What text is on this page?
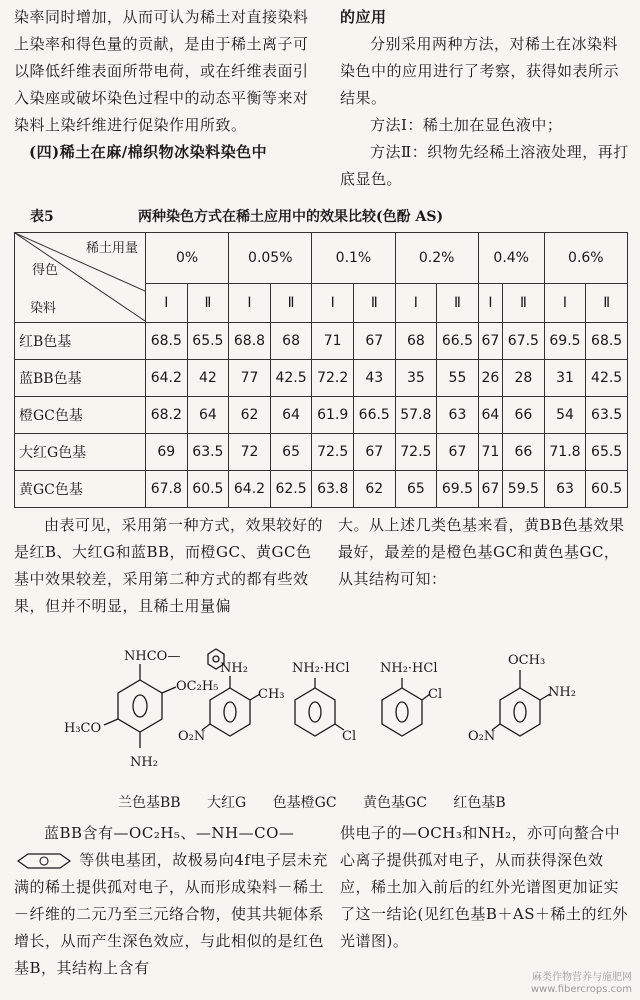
染率同时增加，从而可认为稀土对直接染料上染率和得色量的贡献，是由于稀土离子可以降低纤维表面所带电荷，或在纤维表面引入染座或破坏染色过程中的动态平衡等来对染料上染纤维进行促染作用所致。

(四)稀土在麻/棉织物冰染料染色中

的应用

分别采用两种方法，对稀土在冰染料染色中的应用进行了考察，获得如表所示结果。

方法Ⅰ：稀土加在显色液中；

方法Ⅱ：织物先经稀土溶液处理，再打底显色。

表5	两种染色方式在稀土应用中的效果比较(色酚 AS)
稀土用量
得色
染料	0%		0.05%		0.1%		0.2%		0.4%		0.6%	
	Ⅰ	Ⅱ	Ⅰ	Ⅱ	Ⅰ	Ⅱ	Ⅰ	Ⅱ	Ⅰ	Ⅱ	Ⅰ	Ⅱ
红B色基	68.5	65.5	68.8	68	71	67	68	66.5	67	67.5	69.5	68.5
蓝BB色基	64.2	42	77	42.5	72.2	43	35	55	26	28	31	42.5
橙GC色基	68.2	64	62	64	61.9	66.5	57.8	63	64	66	54	63.5
大红G色基	69	63.5	72	65	72.5	67	72.5	67	71	66	71.8	65.5
黄GC色基	67.8	60.5	64.2	62.5	63.8	62	65	69.5	67	59.5	63	60.5

由表可见，采用第一种方式，效果较好的是红B、大红G和蓝BB，而橙GC、黄GC色基中效果较差，采用第二种方式的都有些效果，但并不明显，且稀土用量偏

大。从上述几类色基来看，黄BB色基效果最好，最差的是橙色基GC和黄色基GC，从其结构可知：

NHCO—
OC₂H₅
H₃CO
NH₂
NH₂
CH₃
O₂N
NH₂·HCl
Cl
NH₂·HCl
Cl
OCH₃
NH₂
O₂N
兰色基BB 大红G 色基橙GC 黄色基GC 红色基B

蓝BB含有—OC₂H₅、—NH—CO—

等供电基团，故极易向4f电子层未充满的稀土提供孤对电子，从而形成染料－稀土－纤维的二元乃至三元络合物，使其共轭体系增长，从而产生深色效应，与此相似的是红色基B，其结构上含有

供电子的—OCH₃和NH₂，亦可向螯合中心离子提供孤对电子，从而获得深色效应，稀土加入前后的红外光谱图更加证实了这一结论(见红色基B＋AS＋稀土的红外光谱图)。

麻类作物营养与施肥网
www.fibercrops.com
